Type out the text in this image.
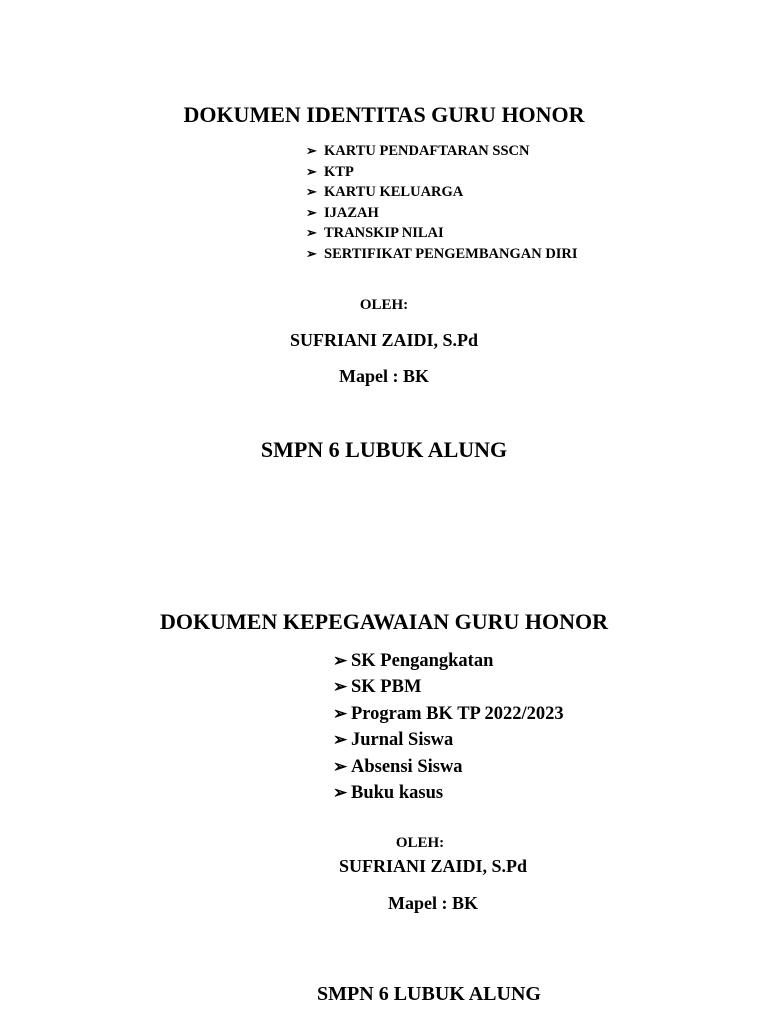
DOKUMEN IDENTITAS GURU HONOR
➢ KARTU PENDAFTARAN SSCN
➢ KTP
➢ KARTU KELUARGA
➢ IJAZAH
➢ TRANSKIP NILAI
➢ SERTIFIKAT PENGEMBANGAN DIRI
OLEH:
SUFRIANI ZAIDI, S.Pd
Mapel : BK
SMPN 6 LUBUK ALUNG
DOKUMEN KEPEGAWAIAN GURU HONOR
➢ SK Pengangkatan
➢ SK PBM
➢ Program BK TP 2022/2023
➢ Jurnal Siswa
➢ Absensi Siswa
➢ Buku kasus
OLEH:
SUFRIANI ZAIDI, S.Pd
Mapel : BK
SMPN 6 LUBUK ALUNG
